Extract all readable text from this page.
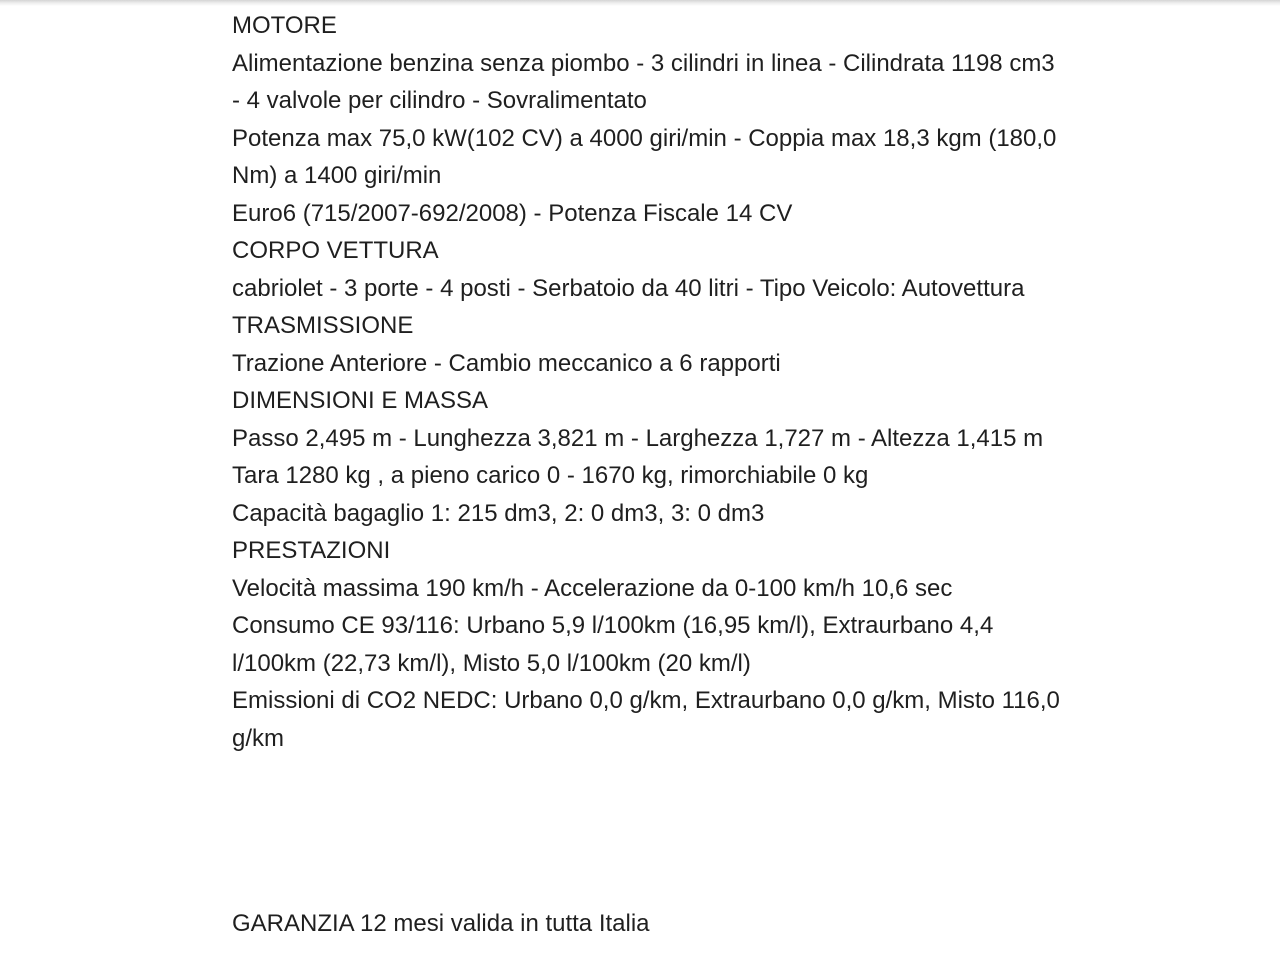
MOTORE

Alimentazione benzina senza piombo - 3 cilindri in linea - Cilindrata 1198 cm3

- 4 valvole per cilindro - Sovralimentato

Potenza max 75,0 kW(102 CV) a 4000 giri/min - Coppia max 18,3 kgm (180,0

Nm) a 1400 giri/min

Euro6 (715/2007-692/2008) - Potenza Fiscale 14 CV

CORPO VETTURA

cabriolet - 3 porte - 4 posti - Serbatoio da 40 litri - Tipo Veicolo: Autovettura

TRASMISSIONE

Trazione Anteriore - Cambio meccanico a 6 rapporti

DIMENSIONI E MASSA

Passo 2,495 m - Lunghezza 3,821 m - Larghezza 1,727 m - Altezza 1,415 m

Tara 1280 kg , a pieno carico 0 - 1670 kg, rimorchiabile 0 kg

Capacità bagaglio 1: 215 dm3, 2: 0 dm3, 3: 0 dm3

PRESTAZIONI

Velocità massima 190 km/h - Accelerazione da 0-100 km/h 10,6 sec

Consumo CE 93/116: Urbano 5,9 l/100km (16,95 km/l), Extraurbano 4,4

l/100km (22,73 km/l), Misto 5,0 l/100km (20 km/l)

Emissioni di CO2 NEDC: Urbano 0,0 g/km, Extraurbano 0,0 g/km, Misto 116,0

g/km

GARANZIA 12 mesi valida in tutta Italia
